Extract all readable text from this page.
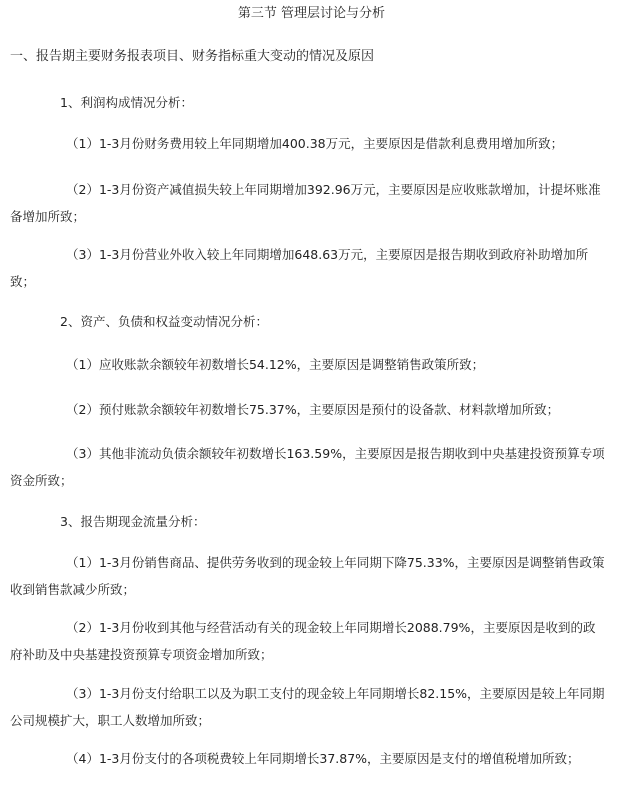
第三节 管理层讨论与分析
一、报告期主要财务报表项目、财务指标重大变动的情况及原因
1、利润构成情况分析：
（1）1-3月份财务费用较上年同期增加400.38万元，主要原因是借款利息费用增加所致；
（2）1-3月份资产减值损失较上年同期增加392.96万元，主要原因是应收账款增加，计提坏账准备增加所致；
（3）1-3月份营业外收入较上年同期增加648.63万元，主要原因是报告期收到政府补助增加所致；
2、资产、负债和权益变动情况分析：
（1）应收账款余额较年初数增长54.12%，主要原因是调整销售政策所致；
（2）预付账款余额较年初数增长75.37%，主要原因是预付的设备款、材料款增加所致；
（3）其他非流动负债余额较年初数增长163.59%，主要原因是报告期收到中央基建投资预算专项资金所致；
3、报告期现金流量分析：
（1）1-3月份销售商品、提供劳务收到的现金较上年同期下降75.33%，主要原因是调整销售政策收到销售款减少所致；
（2）1-3月份收到其他与经营活动有关的现金较上年同期增长2088.79%，主要原因是收到的政府补助及中央基建投资预算专项资金增加所致；
（3）1-3月份支付给职工以及为职工支付的现金较上年同期增长82.15%，主要原因是较上年同期公司规模扩大，职工人数增加所致；
（4）1-3月份支付的各项税费较上年同期增长37.87%，主要原因是支付的增值税增加所致；
